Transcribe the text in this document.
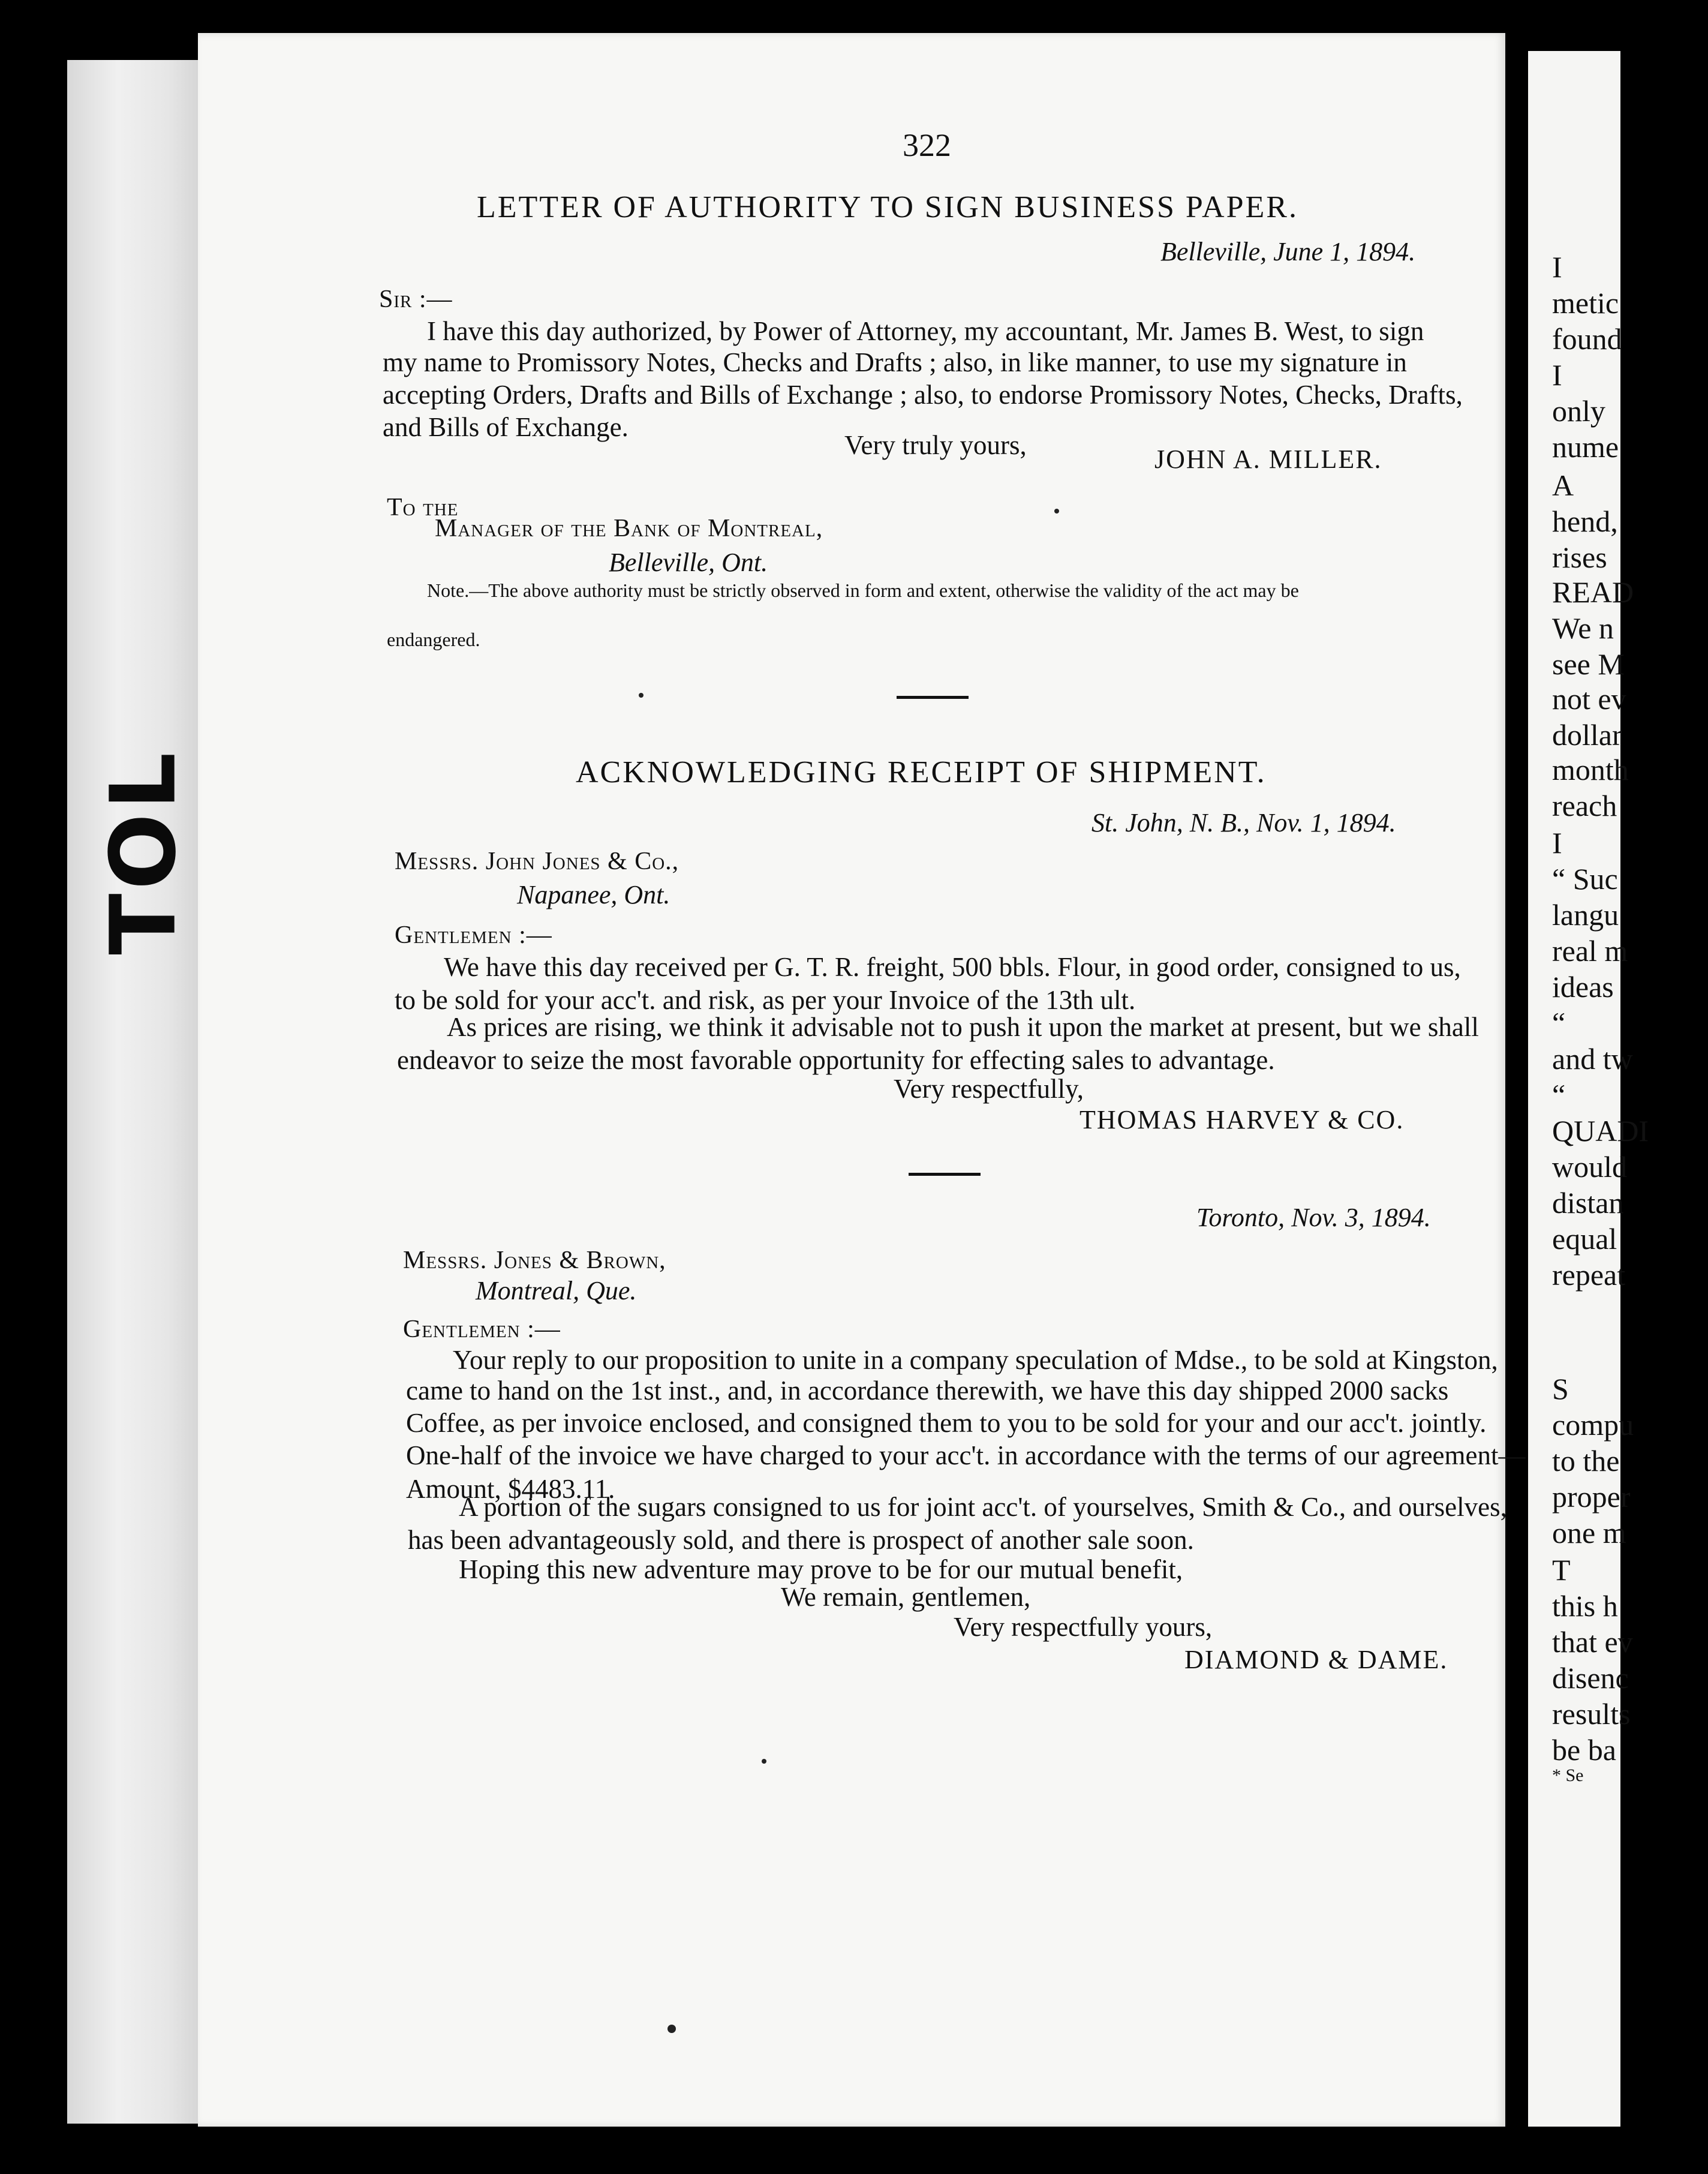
TOL
I
metic
found
I
only
nume
A
hend,
rises
READ
We n
see M
not ev
dollar
month
reach
I
“ Suc
langu
real m
ideas
“
and tw
“
QUADI
would
distan
equal
repeat
S
compu
to the
proper
one m
T
this h
that ev
disenc
results
be ba
* Se
322
LETTER OF AUTHORITY TO SIGN BUSINESS PAPER.
Belleville, June 1, 1894.
Sir :—
I have this day authorized, by Power of Attorney, my accountant, Mr. James B. West, to sign
my name to Promissory Notes, Checks and Drafts ; also, in like manner, to use my signature in
accepting Orders, Drafts and Bills of Exchange ; also, to endorse Promissory Notes, Checks, Drafts,
and Bills of Exchange.
Very truly yours,	JOHN A. MILLER.
To the
Manager of the Bank of Montreal,
Belleville, Ont.
Note.—The above authority must be strictly observed in form and extent, otherwise the validity of the act may be
endangered.
ACKNOWLEDGING RECEIPT OF SHIPMENT.
St. John, N. B., Nov. 1, 1894.
Messrs. John Jones & Co.,
Napanee, Ont.
Gentlemen :—
We have this day received per G. T. R. freight, 500 bbls. Flour, in good order, consigned to us,
to be sold for your acc't. and risk, as per your Invoice of the 13th ult.
As prices are rising, we think it advisable not to push it upon the market at present, but we shall
endeavor to seize the most favorable opportunity for effecting sales to advantage.
Very respectfully,
THOMAS HARVEY & CO.
Toronto, Nov. 3, 1894.
Messrs. Jones & Brown,
Montreal, Que.
Gentlemen :—
Your reply to our proposition to unite in a company speculation of Mdse., to be sold at Kingston,
came to hand on the 1st inst., and, in accordance therewith, we have this day shipped 2000 sacks
Coffee, as per invoice enclosed, and consigned them to you to be sold for your and our acc't. jointly.
One-half of the invoice we have charged to your acc't. in accordance with the terms of our agreement—
Amount, $4483.11.
A portion of the sugars consigned to us for joint acc't. of yourselves, Smith & Co., and ourselves,
has been advantageously sold, and there is prospect of another sale soon.
Hoping this new adventure may prove to be for our mutual benefit,
We remain, gentlemen,
Very respectfully yours,
DIAMOND & DAME.
